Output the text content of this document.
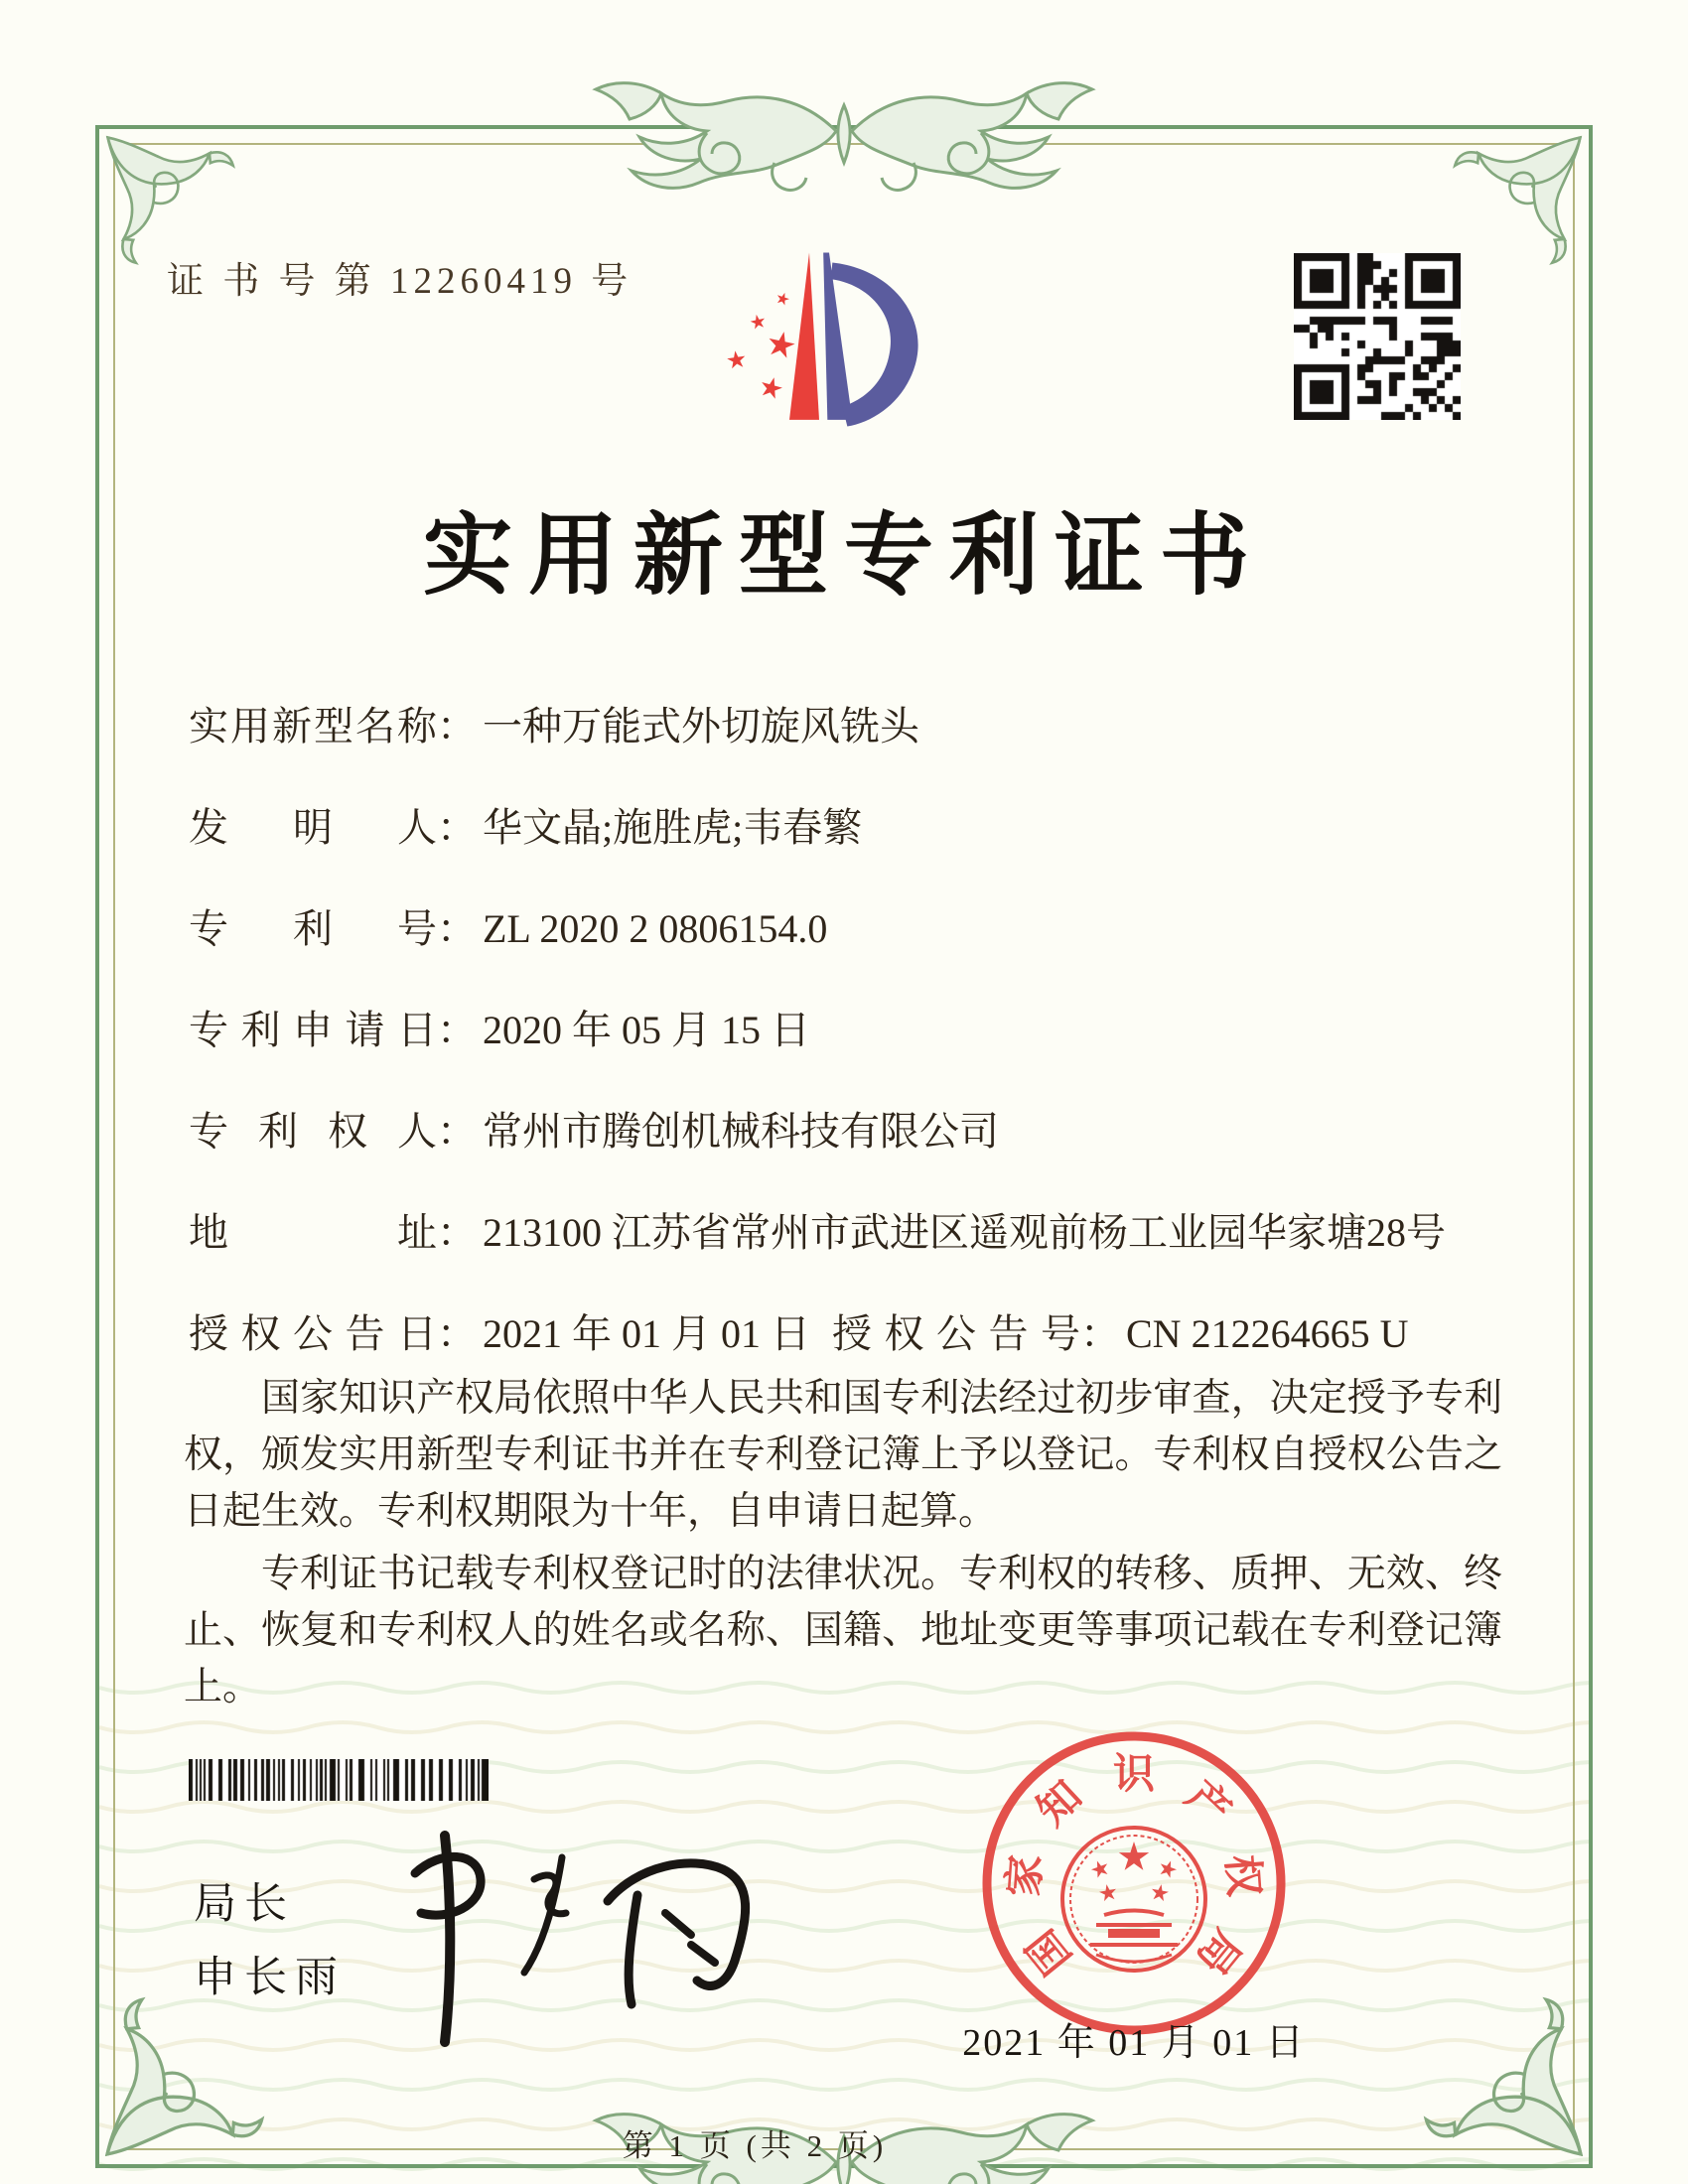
证 书 号 第 12260419 号
实用新型专利证书
实 用 新 型 名 称 ： 一种万能式外切旋风铣头
发 明 人 ： 华文晶;施胜虎;韦春繁
专 利 号 ： ZL 2020 2 0806154.0
专 利 申 请 日 ： 2020 年 05 月 15 日
专 利 权 人 ： 常州市腾创机械科技有限公司
地	址 ： 213100 江苏省常州市武进区遥观前杨工业园华家塘28号
授 权 公 告 日 ： 2021 年 01 月 01 日 授 权 公 告 号 ： CN 212264665 U

国家知识产权局依照中华人民共和国专利法经过初步审查，决定授予专利权，颁发实用新型专利证书并在专利登记簿上予以登记。专利权自授权公告之日起生效。专利权期限为十年，自申请日起算。

专利证书记载专利权登记时的法律状况。专利权的转移、质押、无效、终止、恢复和专利权人的姓名或名称、国籍、地址变更等事项记载在专利登记簿上。

局长
申长雨	国
家
知 识 产
权
局
2021 年 01 月 01 日
第 1 页 (共 2 页)
